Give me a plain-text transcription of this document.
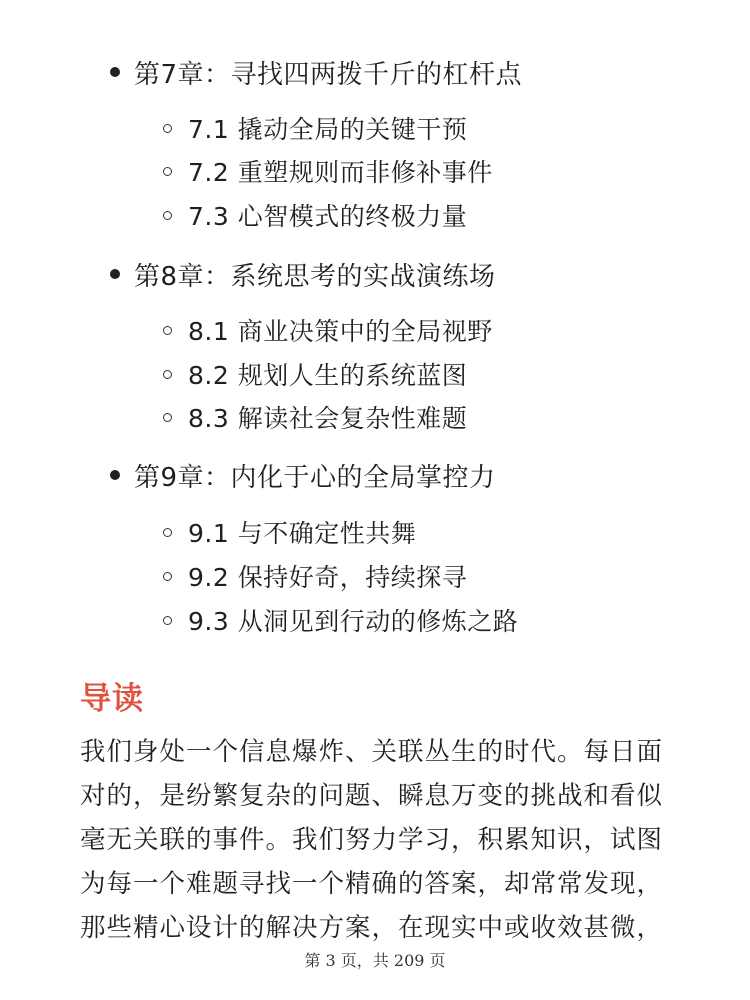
第7章：寻找四两拨千斤的杠杆点
7.1 撬动全局的关键干预
7.2 重塑规则而非修补事件
7.3 心智模式的终极力量
第8章：系统思考的实战演练场
8.1 商业决策中的全局视野
8.2 规划人生的系统蓝图
8.3 解读社会复杂性难题
第9章：内化于心的全局掌控力
9.1 与不确定性共舞
9.2 保持好奇，持续探寻
9.3 从洞见到行动的修炼之路
导读
我们身处一个信息爆炸、关联丛生的时代。每日面
对的，是纷繁复杂的问题、瞬息万变的挑战和看似
毫无关联的事件。我们努力学习，积累知识，试图
为每一个难题寻找一个精确的答案，却常常发现，
那些精心设计的解决方案，在现实中或收效甚微，
第 3 页，共 209 页
